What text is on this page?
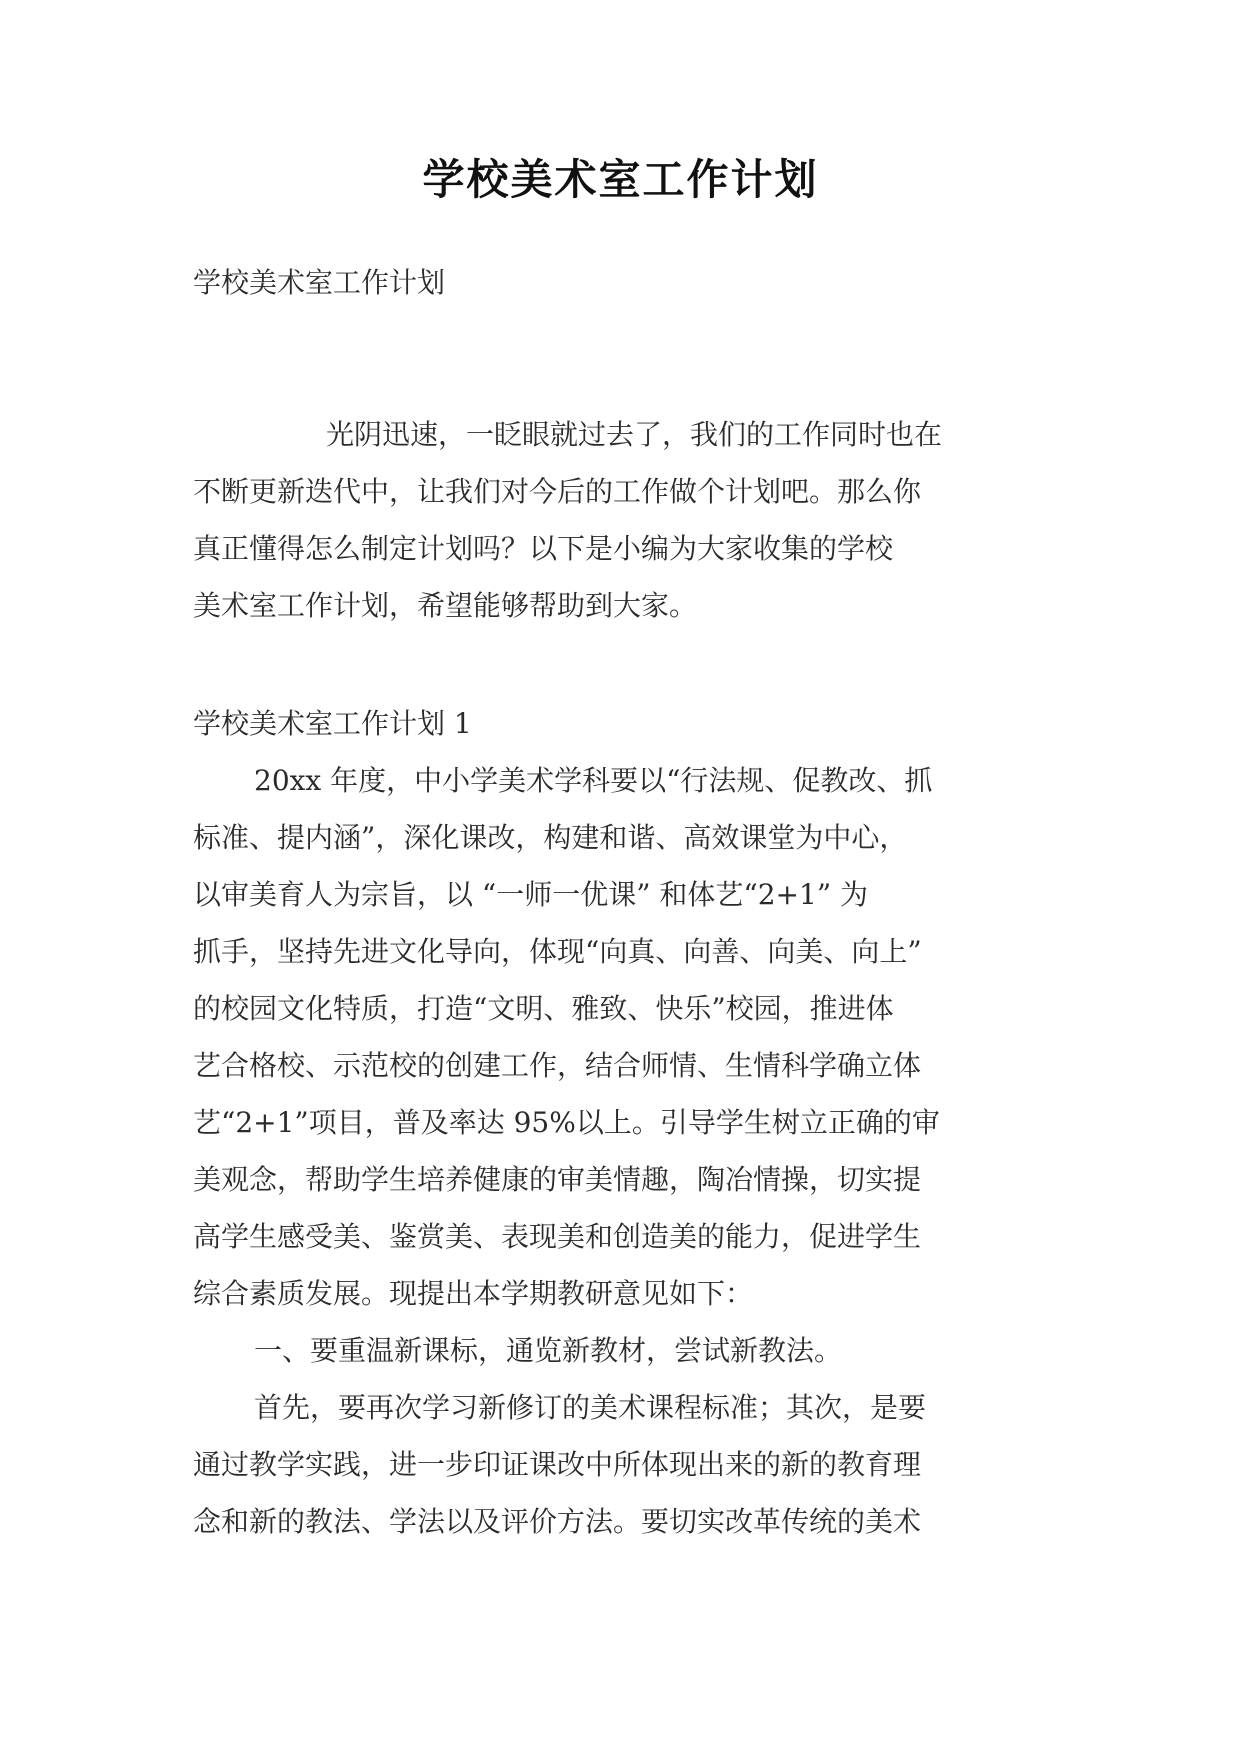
学校美术室工作计划
学校美术室工作计划
光阴迅速，一眨眼就过去了，我们的工作同时也在
不断更新迭代中，让我们对今后的工作做个计划吧。那么你
真正懂得怎么制定计划吗？以下是小编为大家收集的学校
美术室工作计划，希望能够帮助到大家。
学校美术室工作计划 1
20xx 年度，中小学美术学科要以“行法规、促教改、抓
标准、提内涵”，深化课改，构建和谐、高效课堂为中心，
以审美育人为宗旨，以 “一师一优课” 和体艺“2+1” 为
抓手，坚持先进文化导向，体现“向真、向善、向美、向上”
的校园文化特质，打造“文明、雅致、快乐”校园，推进体
艺合格校、示范校的创建工作，结合师情、生情科学确立体
艺“2+1”项目，普及率达 95%以上。引导学生树立正确的审
美观念，帮助学生培养健康的审美情趣，陶冶情操，切实提
高学生感受美、鉴赏美、表现美和创造美的能力，促进学生
综合素质发展。现提出本学期教研意见如下：
一、要重温新课标，通览新教材，尝试新教法。
首先，要再次学习新修订的美术课程标准；其次，是要
通过教学实践，进一步印证课改中所体现出来的新的教育理
念和新的教法、学法以及评价方法。要切实改革传统的美术
